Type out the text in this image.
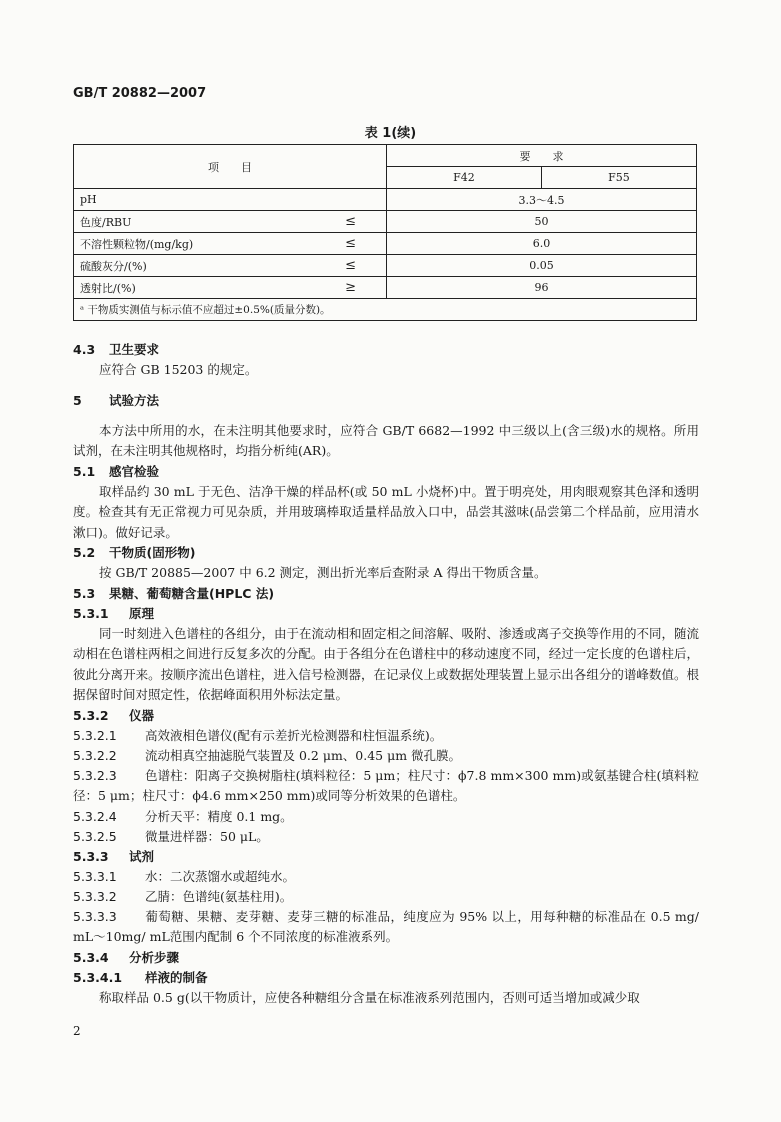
GB/T 20882—2007
表 1(续)
项　　目	要　　求	
	F42	F55
pH	3.3～4.5	
色度/RBU ≤	50	
不溶性颗粒物/(mg/kg) ≤	6.0	
硫酸灰分/(%) ≤	0.05	
透射比/(%) ≥	96	
ᵃ 干物质实测值与标示值不应超过±0.5%(质量分数)。		
4.3 卫生要求
应符合 GB 15203 的规定。
5 试验方法
本方法中所用的水，在未注明其他要求时，应符合 GB/T 6682—1992 中三级以上(含三级)水的规格。所用试剂，在未注明其他规格时，均指分析纯(AR)。
5.1 感官检验
取样品约 30 mL 于无色、洁净干燥的样品杯(或 50 mL 小烧杯)中。置于明亮处，用肉眼观察其色泽和透明度。检查其有无正常视力可见杂质，并用玻璃棒取适量样品放入口中，品尝其滋味(品尝第二个样品前，应用清水漱口)。做好记录。
5.2 干物质(固形物)
按 GB/T 20885—2007 中 6.2 测定，测出折光率后查附录 A 得出干物质含量。
5.3 果糖、葡萄糖含量(HPLC 法)
5.3.1 原理
同一时刻进入色谱柱的各组分，由于在流动相和固定相之间溶解、吸附、渗透或离子交换等作用的不同，随流动相在色谱柱两相之间进行反复多次的分配。由于各组分在色谱柱中的移动速度不同，经过一定长度的色谱柱后，彼此分离开来。按顺序流出色谱柱，进入信号检测器，在记录仪上或数据处理装置上显示出各组分的谱峰数值。根据保留时间对照定性，依据峰面积用外标法定量。
5.3.2 仪器
5.3.2.1 高效液相色谱仪(配有示差折光检测器和柱恒温系统)。
5.3.2.2 流动相真空抽滤脱气装置及 0.2 μm、0.45 μm 微孔膜。
5.3.2.3 色谱柱：阳离子交换树脂柱(填料粒径：5 μm；柱尺寸：ϕ7.8 mm×300 mm)或氨基键合柱(填料粒径：5 μm；柱尺寸：ϕ4.6 mm×250 mm)或同等分析效果的色谱柱。
5.3.2.4 分析天平：精度 0.1 mg。
5.3.2.5 微量进样器：50 μL。
5.3.3 试剂
5.3.3.1 水：二次蒸馏水或超纯水。
5.3.3.2 乙腈：色谱纯(氨基柱用)。
5.3.3.3 葡萄糖、果糖、麦芽糖、麦芽三糖的标准品，纯度应为 95% 以上，用每种糖的标准品在 0.5 mg/ mL～10mg/ mL范围内配制 6 个不同浓度的标准液系列。
5.3.4 分析步骤
5.3.4.1 样液的制备
称取样品 0.5 g(以干物质计，应使各种糖组分含量在标准液系列范围内，否则可适当增加或减少取
2
